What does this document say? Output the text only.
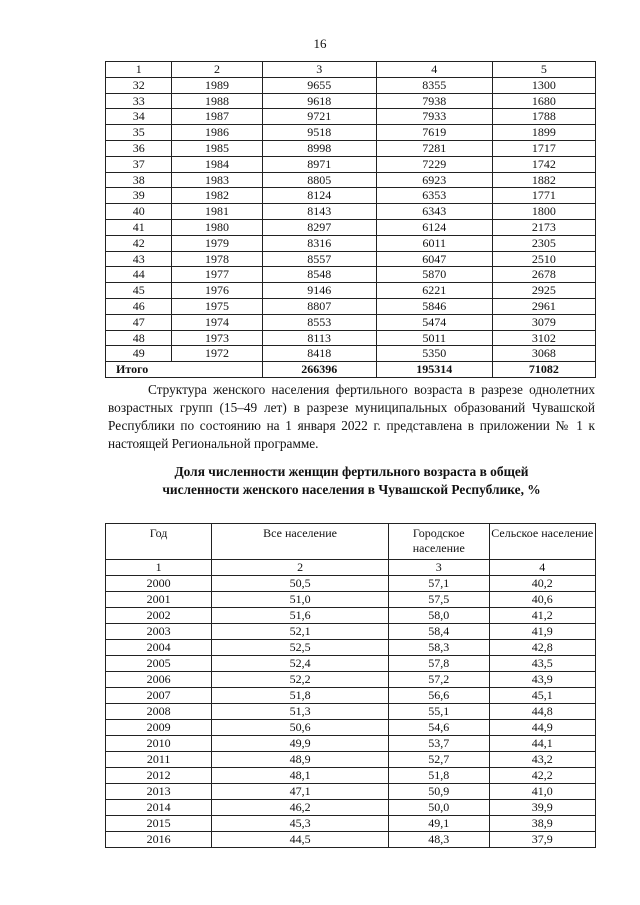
16
1	2	3	4	5
32	1989	9655	8355	1300
33	1988	9618	7938	1680
34	1987	9721	7933	1788
35	1986	9518	7619	1899
36	1985	8998	7281	1717
37	1984	8971	7229	1742
38	1983	8805	6923	1882
39	1982	8124	6353	1771
40	1981	8143	6343	1800
41	1980	8297	6124	2173
42	1979	8316	6011	2305
43	1978	8557	6047	2510
44	1977	8548	5870	2678
45	1976	9146	6221	2925
46	1975	8807	5846	2961
47	1974	8553	5474	3079
48	1973	8113	5011	3102
49	1972	8418	5350	3068
Итого		266396	195314	71082

Структура женского населения фертильного возраста в разрезе однолетних возрастных групп (15–49 лет) в разрезе муниципальных образований Чувашской Республики по состоянию на 1 января 2022 г. представлена в приложении № 1 к настоящей Региональной программе.

Доля численности женщин фертильного возраста в общей
численности женского населения в Чувашской Республике, %
Год	Все население	Городское население	Сельское население
1	2	3	4
2000	50,5	57,1	40,2
2001	51,0	57,5	40,6
2002	51,6	58,0	41,2
2003	52,1	58,4	41,9
2004	52,5	58,3	42,8
2005	52,4	57,8	43,5
2006	52,2	57,2	43,9
2007	51,8	56,6	45,1
2008	51,3	55,1	44,8
2009	50,6	54,6	44,9
2010	49,9	53,7	44,1
2011	48,9	52,7	43,2
2012	48,1	51,8	42,2
2013	47,1	50,9	41,0
2014	46,2	50,0	39,9
2015	45,3	49,1	38,9
2016	44,5	48,3	37,9
